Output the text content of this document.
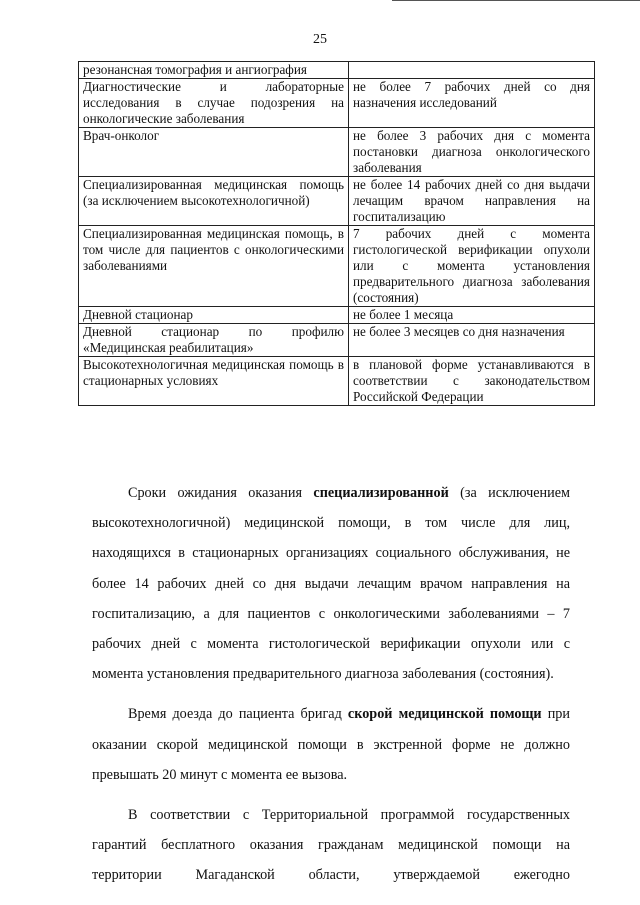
25
резонансная томография и ангиография	
Диагностические и лабораторные исследования в случае подозрения на онкологические заболевания	не более 7 рабочих дней со дня назначения исследований
Врач-онколог	не более 3 рабочих дня с момента постановки диагноза онкологического заболевания
Специализированная медицинская помощь (за исключением высокотехнологичной)	не более 14 рабочих дней со дня выдачи лечащим врачом направления на госпитализацию
Специализированная медицинская помощь, в том числе для пациентов с онкологическими заболеваниями	7 рабочих дней с момента гистологической верификации опухоли или с момента установления предварительного диагноза заболевания (состояния)
Дневной стационар	не более 1 месяца
Дневной стационар по профилю «Медицинская реабилитация»	не более 3 месяцев со дня назначения
Высокотехнологичная медицинская помощь в стационарных условиях	в плановой форме устанавливаются в соответствии с законодательством Российской Федерации

Сроки ожидания оказания специализированной (за исключением высокотехнологичной) медицинской помощи, в том числе для лиц, находящихся в стационарных организациях социального обслуживания, не более 14 рабочих дней со дня выдачи лечащим врачом направления на госпитализацию, а для пациентов с онкологическими заболеваниями – 7 рабочих дней с момента гистологической верификации опухоли или с момента установления предварительного диагноза заболевания (состояния).

Время доезда до пациента бригад скорой медицинской помощи при оказании скорой медицинской помощи в экстренной форме не должно превышать 20 минут с момента ее вызова.

В соответствии с Территориальной программой государственных гарантий бесплатного оказания гражданам медицинской помощи на территории Магаданской области, утверждаемой ежегодно
